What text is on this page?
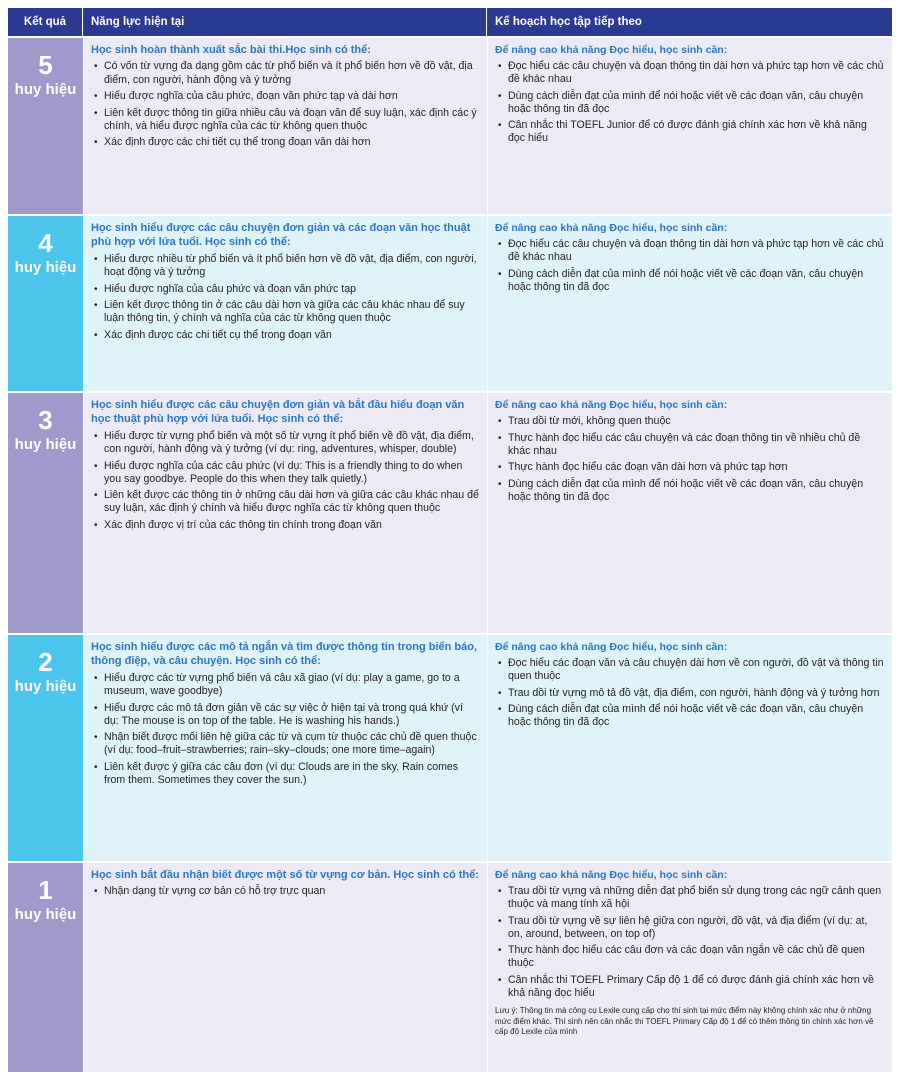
Kết quả	Năng lực hiện tại	Kế hoạch học tập tiếp theo
5
huy hiệu
Học sinh hoàn thành xuất sắc bài thi.Học sinh có thể:
• Có vốn từ vựng đa dạng gồm các từ phổ biến và ít phổ biến hơn về đồ vật, địa điểm, con người, hành động và ý tưởng
• Hiểu được nghĩa của câu phức, đoạn văn phức tạp và dài hơn
• Liên kết được thông tin giữa nhiều câu và đoạn văn để suy luận, xác định các ý chính, và hiểu được nghĩa của các từ không quen thuộc
• Xác định được các chi tiết cụ thể trong đoạn văn dài hơn
Để nâng cao khả năng Đọc hiểu, học sinh cần:
• Đọc hiểu các câu chuyện và đoạn thông tin dài hơn và phức tạp hơn về các chủ đề khác nhau
• Dùng cách diễn đạt của mình để nói hoặc viết về các đoạn văn, câu chuyện hoặc thông tin đã đọc
• Cân nhắc thi TOEFL Junior để có được đánh giá chính xác hơn về khả năng đọc hiểu
4
huy hiệu
Học sinh hiểu được các câu chuyện đơn giản và các đoạn văn học thuật phù hợp với lứa tuổi. Học sinh có thể:
• Hiểu được nhiều từ phổ biến và ít phổ biến hơn về đồ vật, địa điểm, con người, hoạt động và ý tưởng
• Hiểu được nghĩa của câu phức và đoạn văn phức tạp
• Liên kết được thông tin ở các câu dài hơn và giữa các câu khác nhau để suy luận thông tin, ý chính và nghĩa của các từ không quen thuộc
• Xác định được các chi tiết cụ thể trong đoạn văn
Để nâng cao khả năng Đọc hiểu, học sinh cần:
• Đọc hiểu các câu chuyện và đoạn thông tin dài hơn và phức tạp hơn về các chủ đề khác nhau
• Dùng cách diễn đạt của mình để nói hoặc viết về các đoạn văn, câu chuyện hoặc thông tin đã đọc
3
huy hiệu
Học sinh hiểu được các câu chuyện đơn giản và bắt đầu hiểu đoạn văn học thuật phù hợp với lứa tuổi. Học sinh có thể:
• Hiểu được từ vựng phổ biến và một số từ vựng ít phổ biến về đồ vật, địa điểm, con người, hành động và ý tưởng (ví dụ: ring, adventures, whisper, double)
• Hiểu được nghĩa của các câu phức (ví dụ: This is a friendly thing to do when you say goodbye. People do this when they talk quietly.)
• Liên kết được các thông tin ở những câu dài hơn và giữa các câu khác nhau để suy luận, xác định ý chính và hiểu được nghĩa các từ không quen thuộc
• Xác định được vị trí của các thông tin chính trong đoạn văn
Để nâng cao khả năng Đọc hiểu, học sinh cần:
• Trau dồi từ mới, không quen thuộc
• Thực hành đọc hiểu các câu chuyện và các đoạn thông tin về nhiều chủ đề khác nhau
• Thực hành đọc hiểu các đoạn văn dài hơn và phức tạp hơn
• Dùng cách diễn đạt của mình để nói hoặc viết về các đoạn văn, câu chuyện hoặc thông tin đã đọc
2
huy hiệu
Học sinh hiểu được các mô tả ngắn và tìm được thông tin trong biển báo, thông điệp, và câu chuyện. Học sinh có thể:
• Hiểu được các từ vựng phổ biến và câu xã giao (ví dụ: play a game, go to a museum, wave goodbye)
• Hiểu được các mô tả đơn giản về các sự việc ở hiện tại và trong quá khứ (ví dụ: The mouse is on top of the table. He is washing his hands.)
• Nhận biết được mối liên hệ giữa các từ và cụm từ thuộc các chủ đề quen thuộc (ví dụ: food–fruit–strawberries; rain–sky–clouds; one more time–again)
• Liên kết được ý giữa các câu đơn (ví dụ: Clouds are in the sky. Rain comes from them. Sometimes they cover the sun.)
Để nâng cao khả năng Đọc hiểu, học sinh cần:
• Đọc hiểu các đoạn văn và câu chuyện dài hơn về con người, đồ vật và thông tin quen thuộc
• Trau dồi từ vựng mô tả đồ vật, địa điểm, con người, hành động và ý tưởng hơn
• Dùng cách diễn đạt của mình để nói hoặc viết về các đoạn văn, câu chuyện hoặc thông tin đã đọc
1
huy hiệu
Học sinh bắt đầu nhận biết được một số từ vựng cơ bản. Học sinh có thể:
• Nhận dạng từ vựng cơ bản có hỗ trợ trực quan
Để nâng cao khả năng Đọc hiểu, học sinh cần:
• Trau dồi từ vựng và những diễn đạt phổ biến sử dụng trong các ngữ cảnh quen thuộc và mang tính xã hội
• Trau dồi từ vựng về sự liên hệ giữa con người, đồ vật, và địa điểm (ví dụ: at, on, around, between, on top of)
• Thực hành đọc hiểu các câu đơn và các đoạn văn ngắn về các chủ đề quen thuộc
• Cân nhắc thi TOEFL Primary Cấp độ 1 để có được đánh giá chính xác hơn về khả năng đọc hiểu
Lưu ý: Thông tin mà công cụ Lexile cung cấp cho thí sinh tại mức điểm này không chính xác như ở những mức điểm khác. Thí sinh nên cân nhắc thi TOEFL Primary Cấp độ 1 để có thêm thông tin chính xác hơn về cấp độ Lexile của mình
